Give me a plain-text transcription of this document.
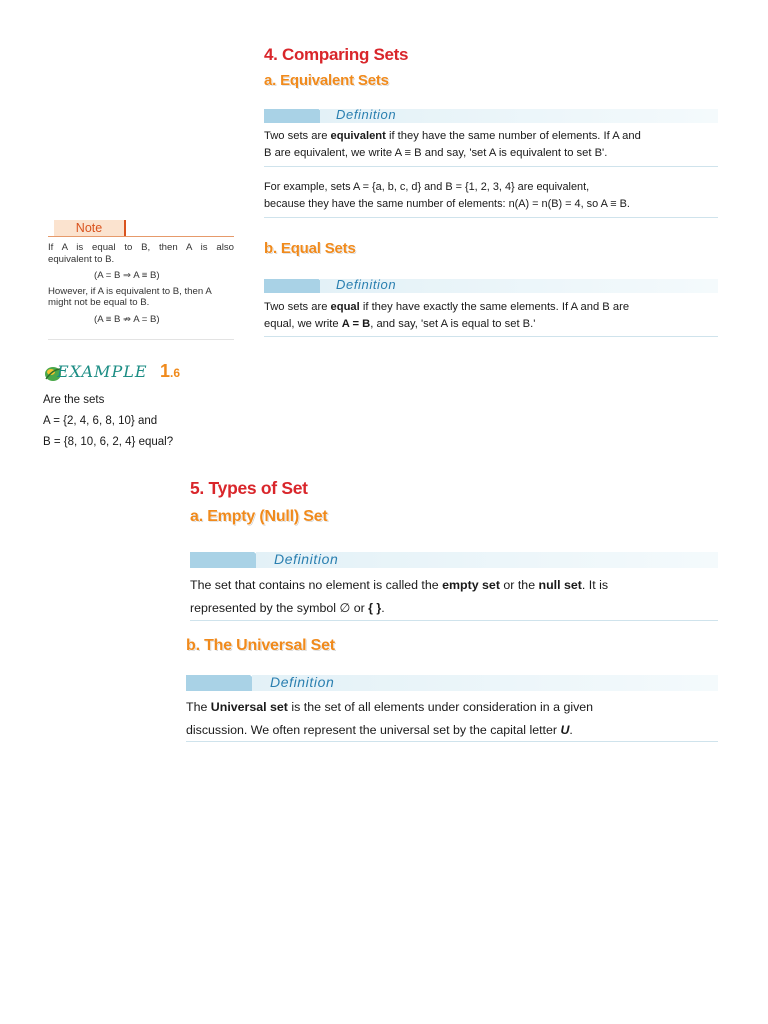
4. Comparing Sets
a. Equivalent Sets
Definition

Two sets are equivalent if they have the same number of elements. If A and

B are equivalent, we write A ≡ B and say, 'set A is equivalent to set B'.

For example, sets A = {a, b, c, d} and B = {1, 2, 3, 4} are equivalent,

because they have the same number of elements: n(A) = n(B) = 4, so A ≡ B.

b. Equal Sets
Definition

Two sets are equal if they have exactly the same elements. If A and B are

equal, we write A = B, and say, 'set A is equal to set B.'

Note
If A is equal to B, then A is also
equivalent to B.
(A = B ⇒ A ≡ B)
However, if A is equivalent to B, then A
might not be equal to B.
(A ≡ B ⇏ A = B)
EXAMPLE 1 .6
Are the sets
A = {2, 4, 6, 8, 10} and
B = {8, 10, 6, 2, 4} equal?
5. Types of Set
a. Empty (Null) Set
Definition

The set that contains no element is called the empty set or the null set. It is

represented by the symbol ∅ or { }.

b. The Universal Set
Definition

The Universal set is the set of all elements under consideration in a given

discussion. We often represent the universal set by the capital letter U.
